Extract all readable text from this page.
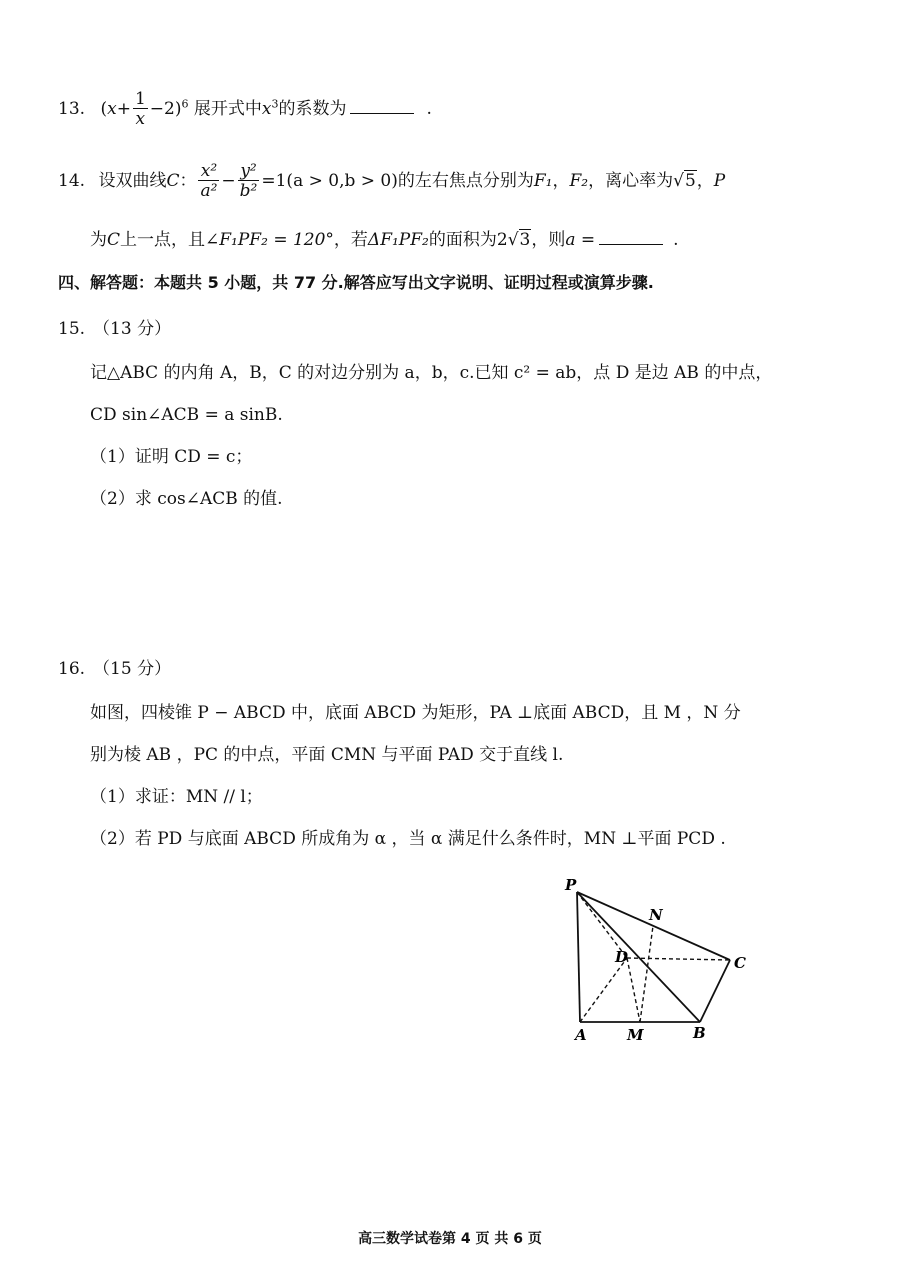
13. $(x+ \frac{1}{x} -2)^6$ 展开式中$x^3$的系数为	.
14. 设双曲线C： $\frac{\text{x²}}{\text{a²}} - \frac{\text{y²}}{\text{b²}} =1(a > 0,b > 0)$的左右焦点分别为F₁，F₂，离心率为√5，P
为C上一点，且∠F₁PF₂ = 120°，若ΔF₁PF₂的面积为2√3，则a =	.
四、解答题：本题共 5 小题，共 77 分.解答应写出文字说明、证明过程或演算步骤.
15. （13 分）
记△ABC 的内角 A，B，C 的对边分别为 a，b，c.已知 c² = ab，点 D 是边 AB 的中点，
CD sin∠ACB = a sinB.
（1）证明 CD = c；
（2）求 cos∠ACB 的值.
16. （15 分）
如图，四棱锥 P − ABCD 中，底面 ABCD 为矩形，PA ⊥底面 ABCD，且 M ，N 分
别为棱 AB ，PC 的中点，平面 CMN 与平面 PAD 交于直线 l.
（1）求证：MN // l；
（2）若 PD 与底面 ABCD 所成角为 α ，当 α 满足什么条件时，MN ⊥平面 PCD .
P
N
D	C
A	M	B
高三数学试卷第 4 页 共 6 页
